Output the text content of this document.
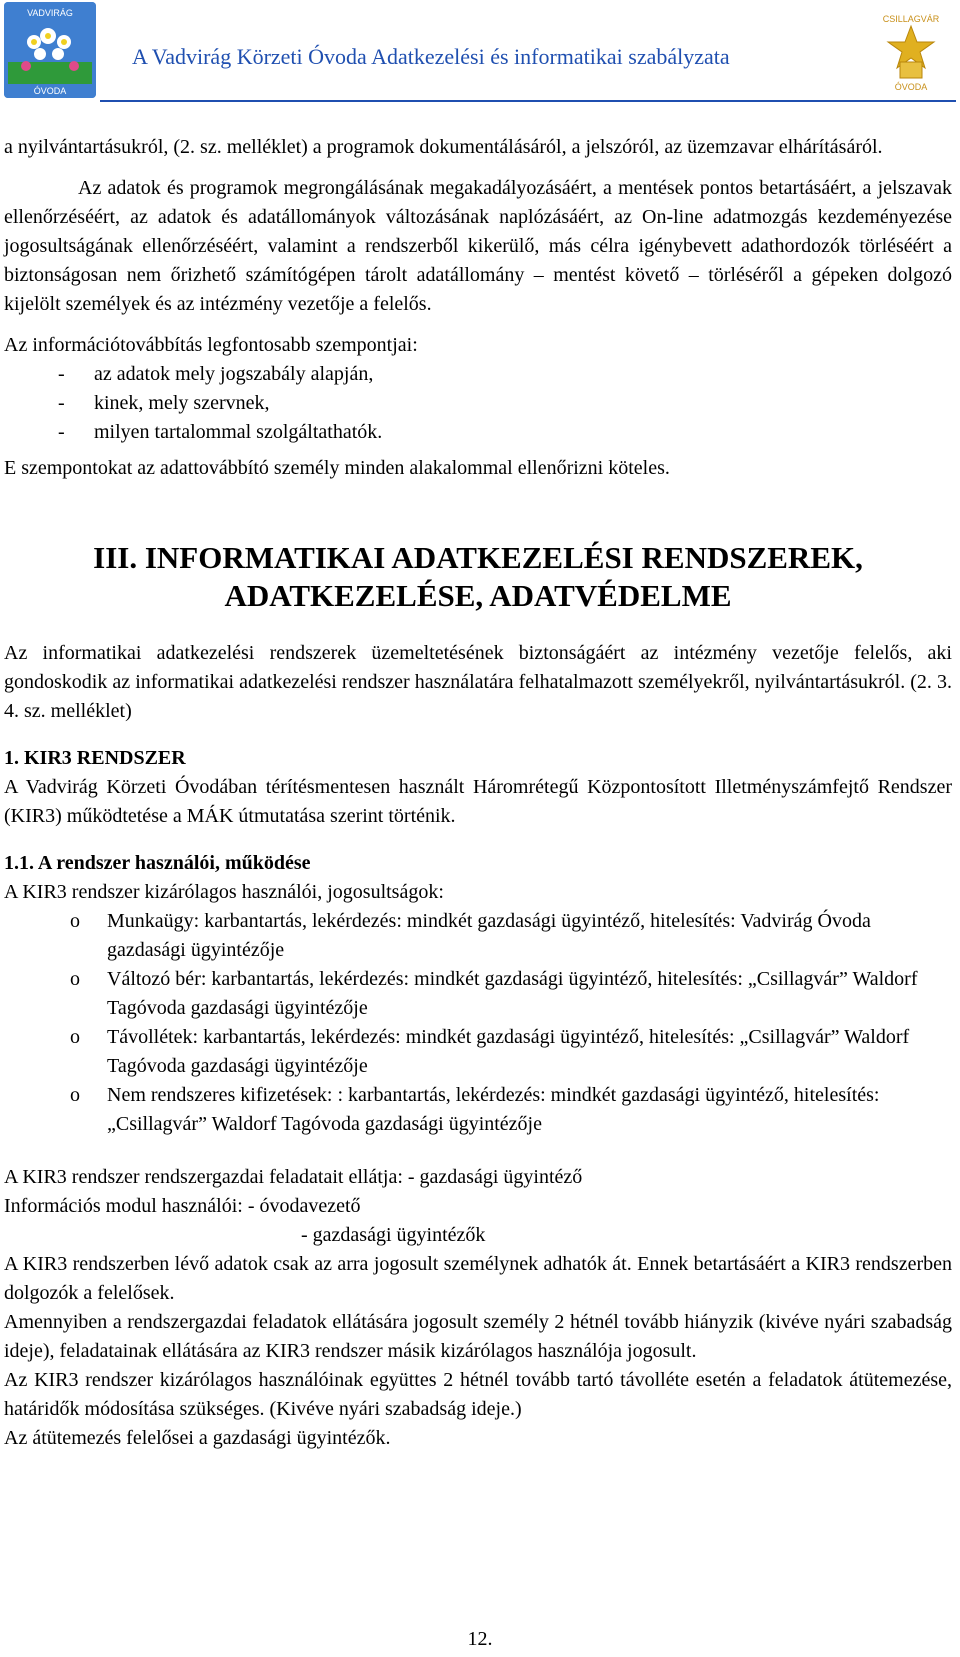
VADVIRÁG
ÓVODA
A Vadvirág Körzeti Óvoda Adatkezelési és informatikai szabályzata
CSILLAGVÁR
ÓVODA

a nyilvántartásukról, (2. sz. melléklet) a programok dokumentálásáról, a jelszóról, az üzemzavar elhárításáról.

Az adatok és programok megrongálásának megakadályozásáért, a mentések pontos betartásáért, a jelszavak ellenőrzéséért, az adatok és adatállományok változásának naplózásáért, az On-line adatmozgás kezdeményezése jogosultságának ellenőrzéséért, valamint a rendszerből kikerülő, más célra igénybevett adathordozók törléséért a biztonságosan nem őrizhető számítógépen tárolt adatállomány – mentést követő – törléséről a gépeken dolgozó kijelölt személyek és az intézmény vezetője a felelős.

Az információtovábbítás legfontosabb szempontjai:

- az adatok mely jogszabály alapján,
- kinek, mely szervnek,
- milyen tartalommal szolgáltathatók.

E szempontokat az adattovábbító személy minden alakalommal ellenőrizni köteles.

III. INFORMATIKAI ADATKEZELÉSI RENDSZEREK,
ADATKEZELÉSE, ADATVÉDELME

Az informatikai adatkezelési rendszerek üzemeltetésének biztonságáért az intézmény vezetője felelős, aki gondoskodik az informatikai adatkezelési rendszer használatára felhatalmazott személyekről, nyilvántartásukról. (2. 3. 4. sz. melléklet)

1. KIR3 RENDSZER

A Vadvirág Körzeti Óvodában térítésmentesen használt Háromrétegű Központosított Illetményszámfejtő Rendszer (KIR3) működtetése a MÁK útmutatása szerint történik.

1.1. A rendszer használói, működése

A KIR3 rendszer kizárólagos használói, jogosultságok:

o Munkaügy: karbantartás, lekérdezés: mindkét gazdasági ügyintéző, hitelesítés: Vadvirág Óvoda gazdasági ügyintézője
o Változó bér: karbantartás, lekérdezés: mindkét gazdasági ügyintéző, hitelesítés: „Csillagvár” Waldorf Tagóvoda gazdasági ügyintézője
o Távollétek: karbantartás, lekérdezés: mindkét gazdasági ügyintéző, hitelesítés: „Csillagvár” Waldorf Tagóvoda gazdasági ügyintézője
o Nem rendszeres kifizetések: : karbantartás, lekérdezés: mindkét gazdasági ügyintéző, hitelesítés: „Csillagvár” Waldorf Tagóvoda gazdasági ügyintézője

A KIR3 rendszer rendszergazdai feladatait ellátja: - gazdasági ügyintéző

Információs modul használói: - óvodavezető

- gazdasági ügyintézők

A KIR3 rendszerben lévő adatok csak az arra jogosult személynek adhatók át. Ennek betartásáért a KIR3 rendszerben dolgozók a felelősek.

Amennyiben a rendszergazdai feladatok ellátására jogosult személy 2 hétnél tovább hiányzik (kivéve nyári szabadság ideje), feladatainak ellátására az KIR3 rendszer másik kizárólagos használója jogosult.

Az KIR3 rendszer kizárólagos használóinak együttes 2 hétnél tovább tartó távolléte esetén a feladatok átütemezése, határidők módosítása szükséges. (Kivéve nyári szabadság ideje.)

Az átütemezés felelősei a gazdasági ügyintézők.

12.
